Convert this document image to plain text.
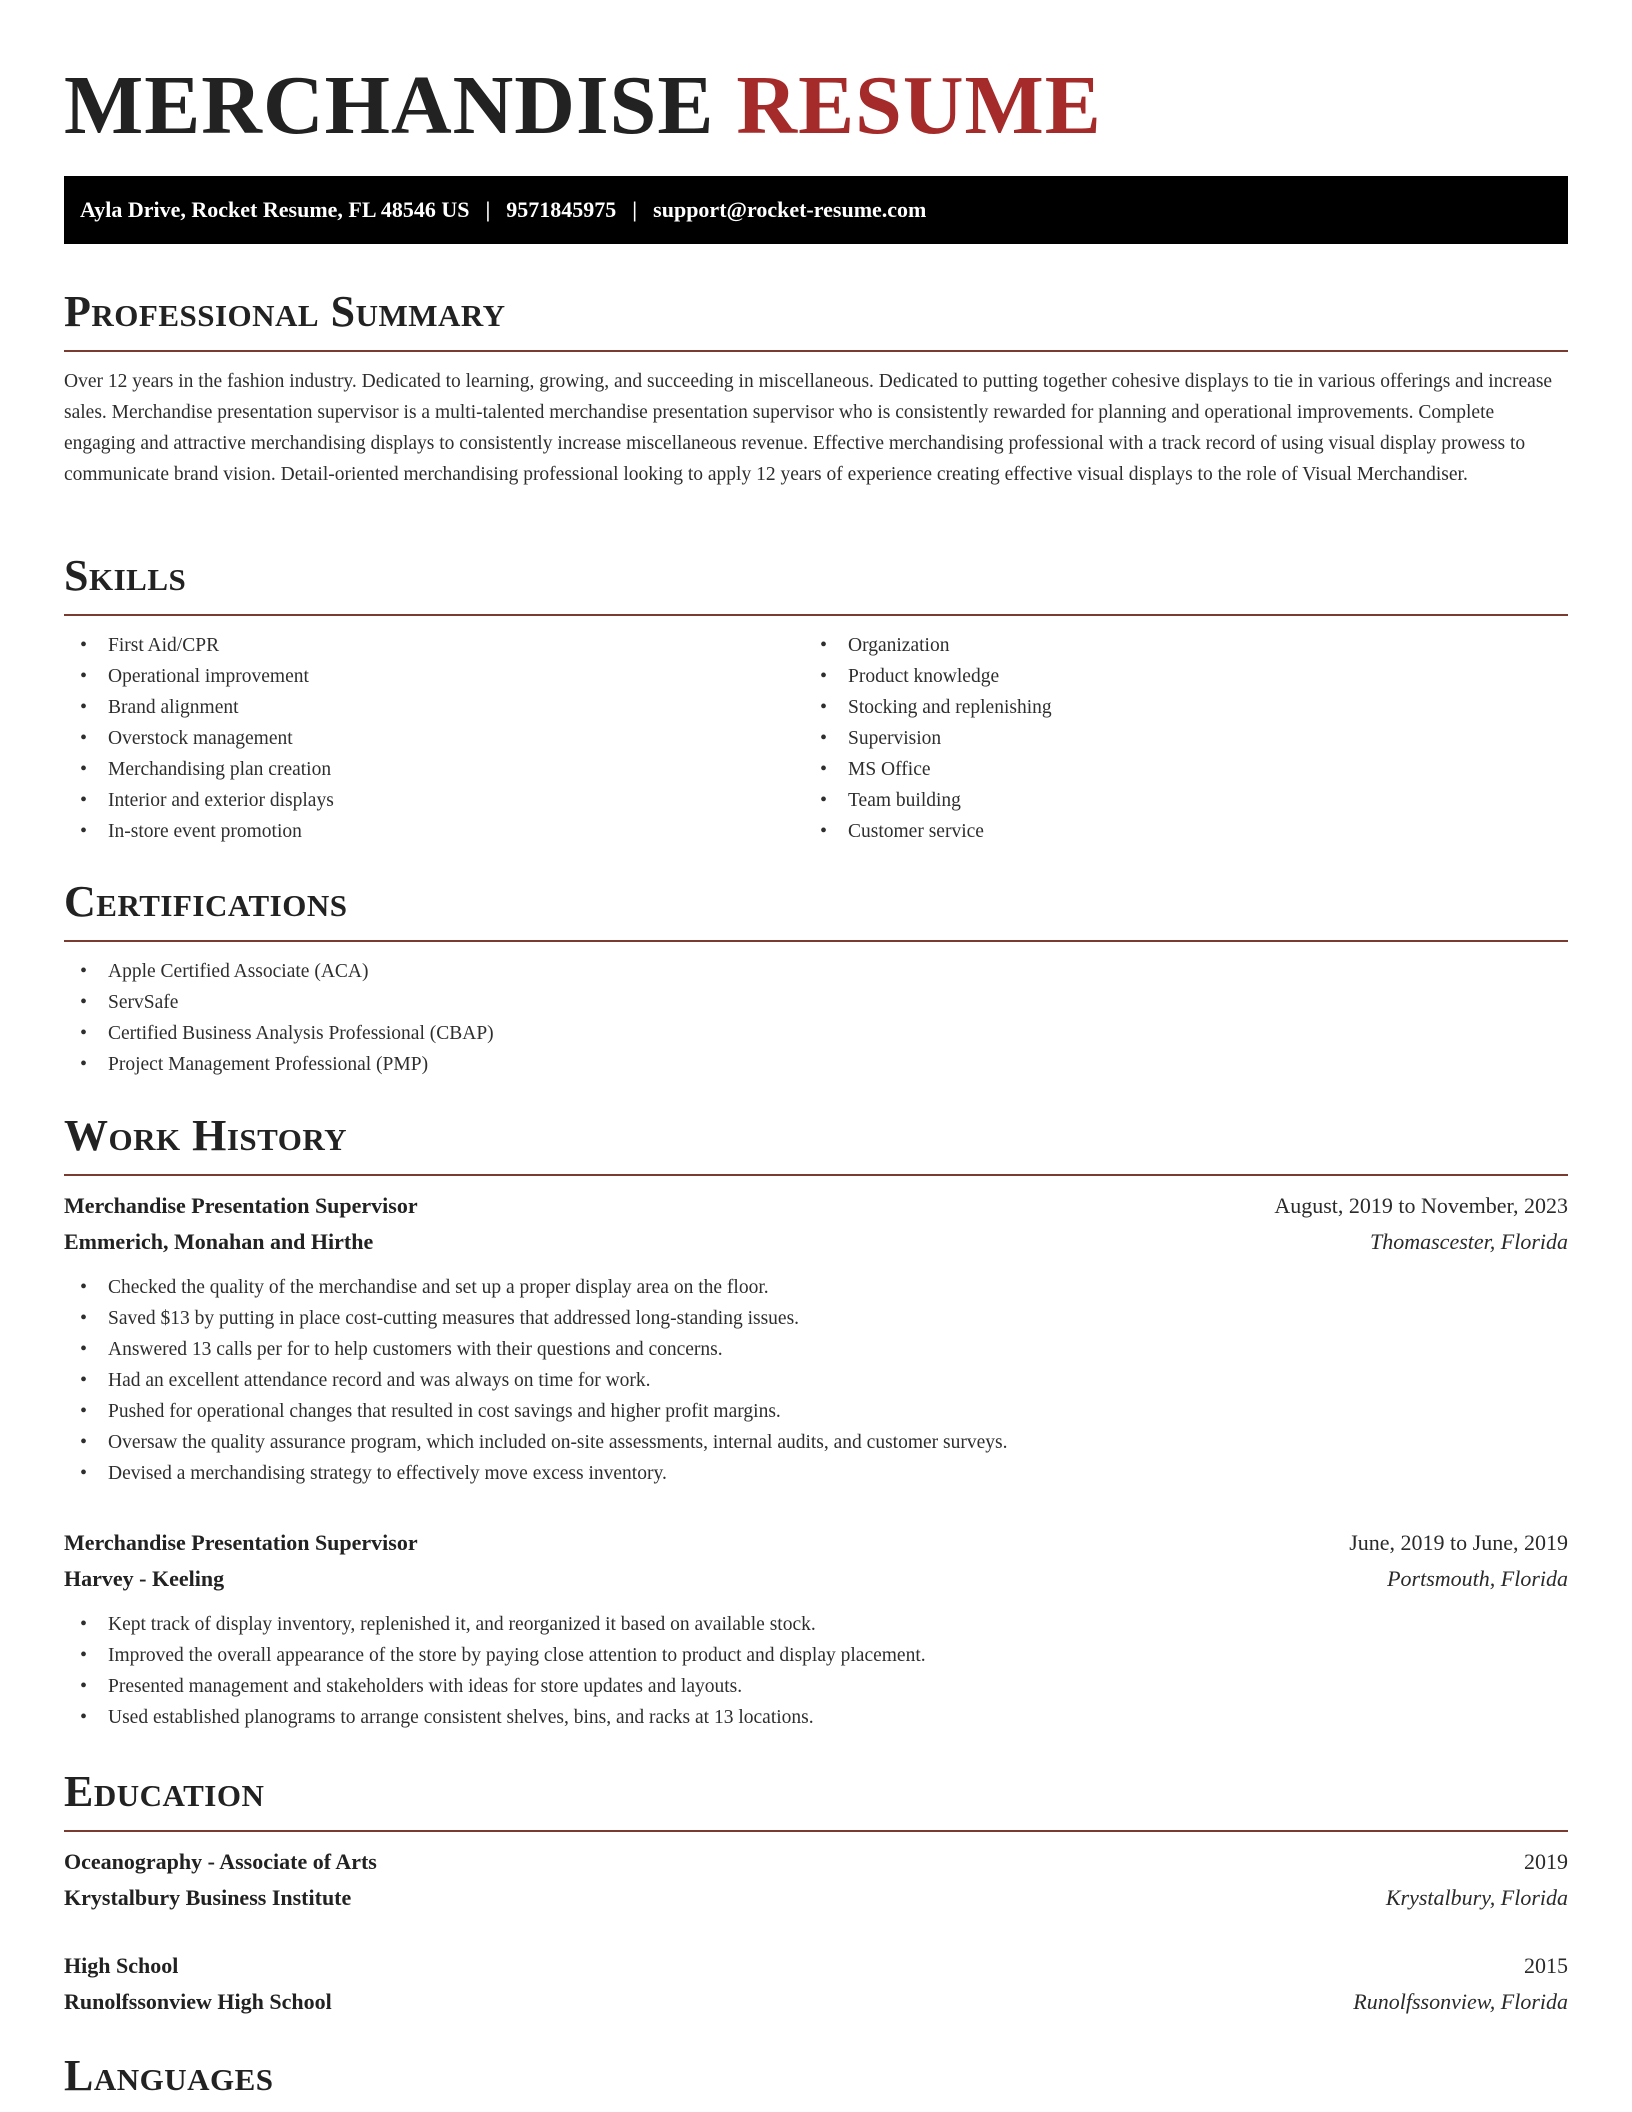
MERCHANDISE RESUME
Ayla Drive, Rocket Resume, FL 48546 US | 9571845975 | support@rocket-resume.com
Professional Summary

Over 12 years in the fashion industry. Dedicated to learning, growing, and succeeding in miscellaneous. Dedicated to putting together cohesive displays to tie in various offerings and increase sales. Merchandise presentation supervisor is a multi-talented merchandise presentation supervisor who is consistently rewarded for planning and operational improvements. Complete engaging and attractive merchandising displays to consistently increase miscellaneous revenue. Effective merchandising professional with a track record of using visual display prowess to communicate brand vision. Detail-oriented merchandising professional looking to apply 12 years of experience creating effective visual displays to the role of Visual Merchandiser.

Skills
• First Aid/CPR
• Operational improvement
• Brand alignment
• Overstock management
• Merchandising plan creation
• Interior and exterior displays
• In-store event promotion
• Organization
• Product knowledge
• Stocking and replenishing
• Supervision
• MS Office
• Team building
• Customer service
Certifications
• Apple Certified Associate (ACA)
• ServSafe
• Certified Business Analysis Professional (CBAP)
• Project Management Professional (PMP)
Work History
Merchandise Presentation Supervisor	August, 2019 to November, 2023
Emmerich, Monahan and Hirthe	Thomascester, Florida
• Checked the quality of the merchandise and set up a proper display area on the floor.
• Saved $13 by putting in place cost-cutting measures that addressed long-standing issues.
• Answered 13 calls per for to help customers with their questions and concerns.
• Had an excellent attendance record and was always on time for work.
• Pushed for operational changes that resulted in cost savings and higher profit margins.
• Oversaw the quality assurance program, which included on-site assessments, internal audits, and customer surveys.
• Devised a merchandising strategy to effectively move excess inventory.
Merchandise Presentation Supervisor	June, 2019 to June, 2019
Harvey - Keeling	Portsmouth, Florida
• Kept track of display inventory, replenished it, and reorganized it based on available stock.
• Improved the overall appearance of the store by paying close attention to product and display placement.
• Presented management and stakeholders with ideas for store updates and layouts.
• Used established planograms to arrange consistent shelves, bins, and racks at 13 locations.
Education
Oceanography - Associate of Arts	2019
Krystalbury Business Institute	Krystalbury, Florida
High School	2015
Runolfssonview High School	Runolfssonview, Florida
Languages
